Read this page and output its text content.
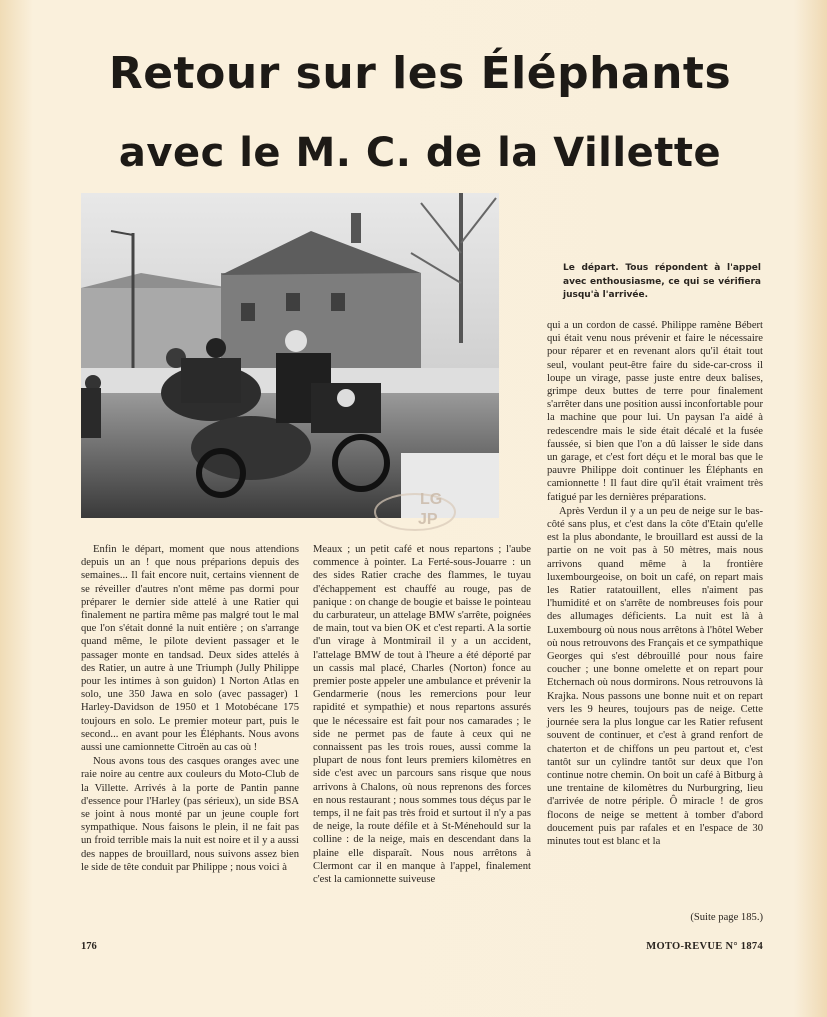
Retour sur les Éléphants
avec le M. C. de la Villette
LG
JP
Le départ. Tous répondent à l'appel avec enthousiasme, ce qui se vérifiera jusqu'à l'arrivée.

Enfin le départ, moment que nous attendions depuis un an ! que nous préparions depuis des semaines... Il fait encore nuit, certains viennent de se réveiller d'autres n'ont même pas dormi pour préparer le dernier side attelé à une Ratier qui finalement ne partira même pas malgré tout le mal que l'on s'était donné la nuit entière ; on s'arrange quand même, le pilote devient passager et le passager monte en tandsad. Deux sides attelés à des Ratier, un autre à une Triumph (Jully Philippe pour les intimes à son guidon) 1 Norton Atlas en solo, une 350 Jawa en solo (avec passager) 1 Harley-Davidson de 1950 et 1 Motobécane 175 toujours en solo. Le premier moteur part, puis le second... en avant pour les Éléphants. Nous avons aussi une camionnette Citroën au cas où !

Nous avons tous des casques oranges avec une raie noire au centre aux couleurs du Moto-Club de la Villette. Arrivés à la porte de Pantin panne d'essence pour l'Harley (pas sérieux), un side BSA se joint à nous monté par un jeune couple fort sympathique. Nous faisons le plein, il ne fait pas un froid terrible mais la nuit est noire et il y a aussi des nappes de brouillard, nous suivons assez bien le side de tête conduit par Philippe ; nous voici à

Meaux ; un petit café et nous repartons ; l'aube commence à pointer. La Ferté-sous-Jouarre : un des sides Ratier crache des flammes, le tuyau d'échappement est chauffé au rouge, pas de panique : on change de bougie et baisse le pointeau du carburateur, un attelage BMW s'arrête, poignées de main, tout va bien OK et c'est reparti. A la sortie d'un virage à Montmirail il y a un accident, l'attelage BMW de tout à l'heure a été déporté par un cassis mal placé, Charles (Norton) fonce au premier poste appeler une ambulance et prévenir la Gendarmerie (nous les remercions pour leur rapidité et sympathie) et nous repartons assurés que le nécessaire est fait pour nos camarades ; le side ne permet pas de faute à ceux qui ne connaissent pas les trois roues, aussi comme la plupart de nous font leurs premiers kilomètres en side c'est avec un parcours sans risque que nous arrivons à Chalons, où nous reprenons des forces en nous restaurant ; nous sommes tous déçus par le temps, il ne fait pas très froid et surtout il n'y a pas de neige, la route défile et à St-Ménehould sur la colline : de la neige, mais en descendant dans la plaine elle disparaît. Nous nous arrêtons à Clermont car il en manque à l'appel, finalement c'est la camionnette suiveuse

qui a un cordon de cassé. Philippe ramène Bébert qui était venu nous prévenir et faire le nécessaire pour réparer et en revenant alors qu'il était tout seul, voulant peut-être faire du side-car-cross il loupe un virage, passe juste entre deux balises, grimpe deux buttes de terre pour finalement s'arrêter dans une position aussi inconfortable pour la machine que pour lui. Un paysan l'a aidé à redescendre mais le side était décalé et la fusée faussée, si bien que l'on a dû laisser le side dans un garage, et c'est fort déçu et le moral bas que le pauvre Philippe doit continuer les Éléphants en camionnette ! Il faut dire qu'il était vraiment très fatigué par les dernières préparations.

Après Verdun il y a un peu de neige sur le bas-côté sans plus, et c'est dans la côte d'Etain qu'elle est la plus abondante, le brouillard est aussi de la partie on ne voit pas à 50 mètres, mais nous arrivons quand même à la frontière luxembourgeoise, on boit un café, on repart mais les Ratier ratatouillent, elles n'aiment pas l'humidité et on s'arrête de nombreuses fois pour des allumages déficients. La nuit est là à Luxembourg où nous nous arrêtons à l'hôtel Weber où nous retrouvons des Français et ce sympathique Georges qui s'est débrouillé pour nous faire coucher ; une bonne omelette et on repart pour Etchernach où nous dormirons. Nous retrouvons là Krajka. Nous passons une bonne nuit et on repart vers les 9 heures, toujours pas de neige. Cette journée sera la plus longue car les Ratier refusent souvent de continuer, et c'est à grand renfort de chaterton et de chiffons un peu partout et, c'est tantôt sur un cylindre tantôt sur deux que l'on continue notre chemin. On boit un café à Bitburg à une trentaine de kilomètres du Nurburgring, lieu d'arrivée de notre périple. Ô miracle ! de gros flocons de neige se mettent à tomber d'abord doucement puis par rafales et en l'espace de 30 minutes tout est blanc et la

(Suite page 185.)
176	MOTO-REVUE N° 1874
